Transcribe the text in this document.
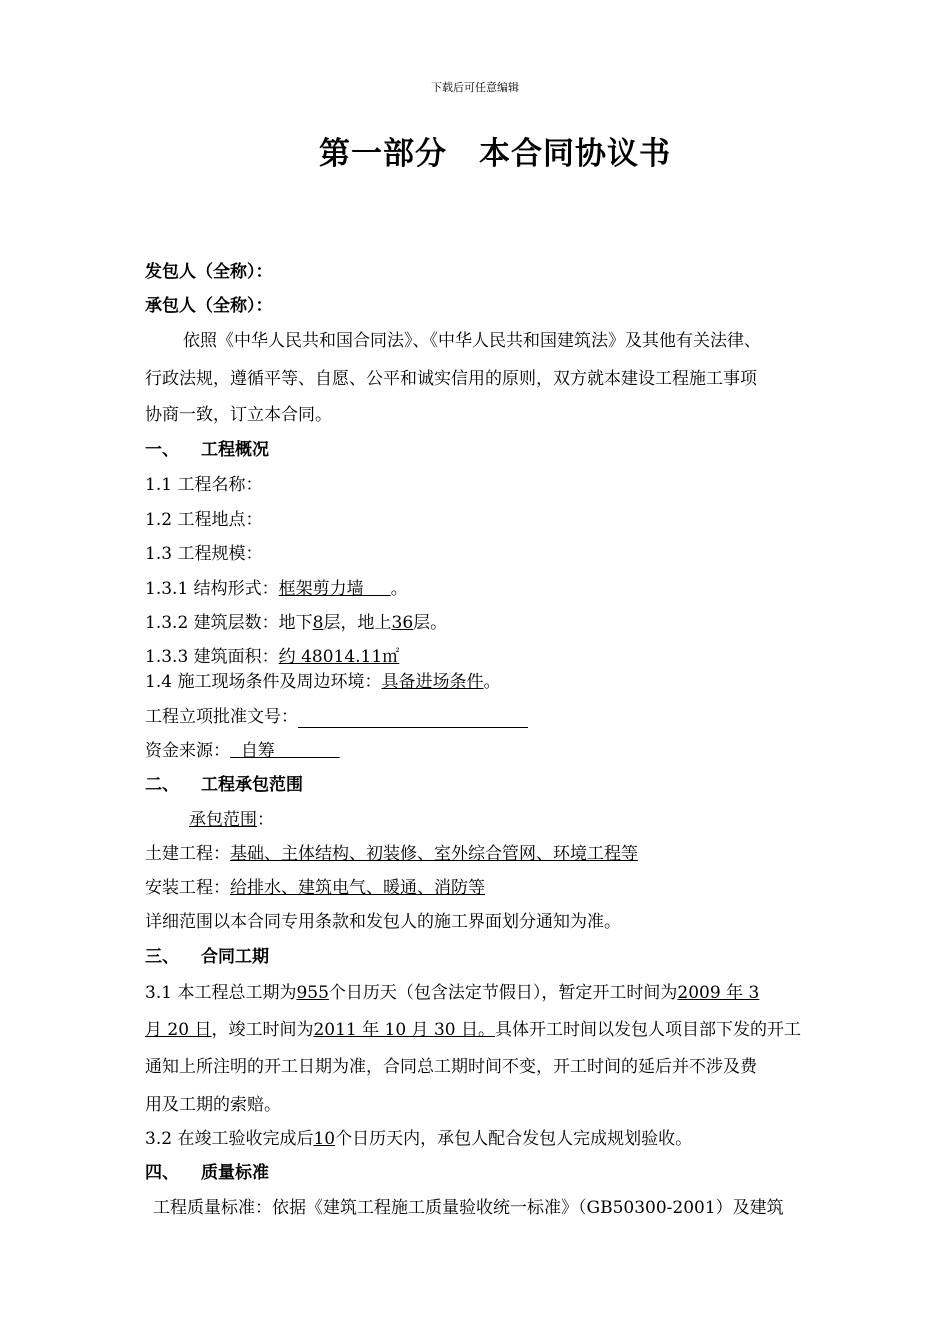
下载后可任意编辑
第一部分　本合同协议书
发包人（全称）：
承包人（全称）：
依照《中华人民共和国合同法》、《中华人民共和国建筑法》及其他有关法律、
行政法规，遵循平等、自愿、公平和诚实信用的原则，双方就本建设工程施工事项
协商一致，订立本合同。
一、 工程概况
1.1 工程名称：
1.2 工程地点：
1.3 工程规模：
1.3.1 结构形式：框架剪力墙 。
1.3.2 建筑层数：地下8层，地上36层。
1.3.3 建筑面积：约 48014.11㎡
1.4 施工现场条件及周边环境：具备进场条件。
工程立项批准文号：
资金来源： 自筹
二、 工程承包范围
承包范围：
土建工程：基础、主体结构、初装修、室外综合管网、环境工程等
安装工程：给排水、建筑电气、暖通、消防等
详细范围以本合同专用条款和发包人的施工界面划分通知为准。
三、 合同工期
3.1 本工程总工期为955个日历天（包含法定节假日），暂定开工时间为2009 年 3
月 20 日，竣工时间为2011 年 10 月 30 日。具体开工时间以发包人项目部下发的开工
通知上所注明的开工日期为准，合同总工期时间不变，开工时间的延后并不涉及费
用及工期的索赔。
3.2 在竣工验收完成后10个日历天内，承包人配合发包人完成规划验收。
四、 质量标准
工程质量标准：依据《建筑工程施工质量验收统一标准》（GB50300-2001）及建筑
